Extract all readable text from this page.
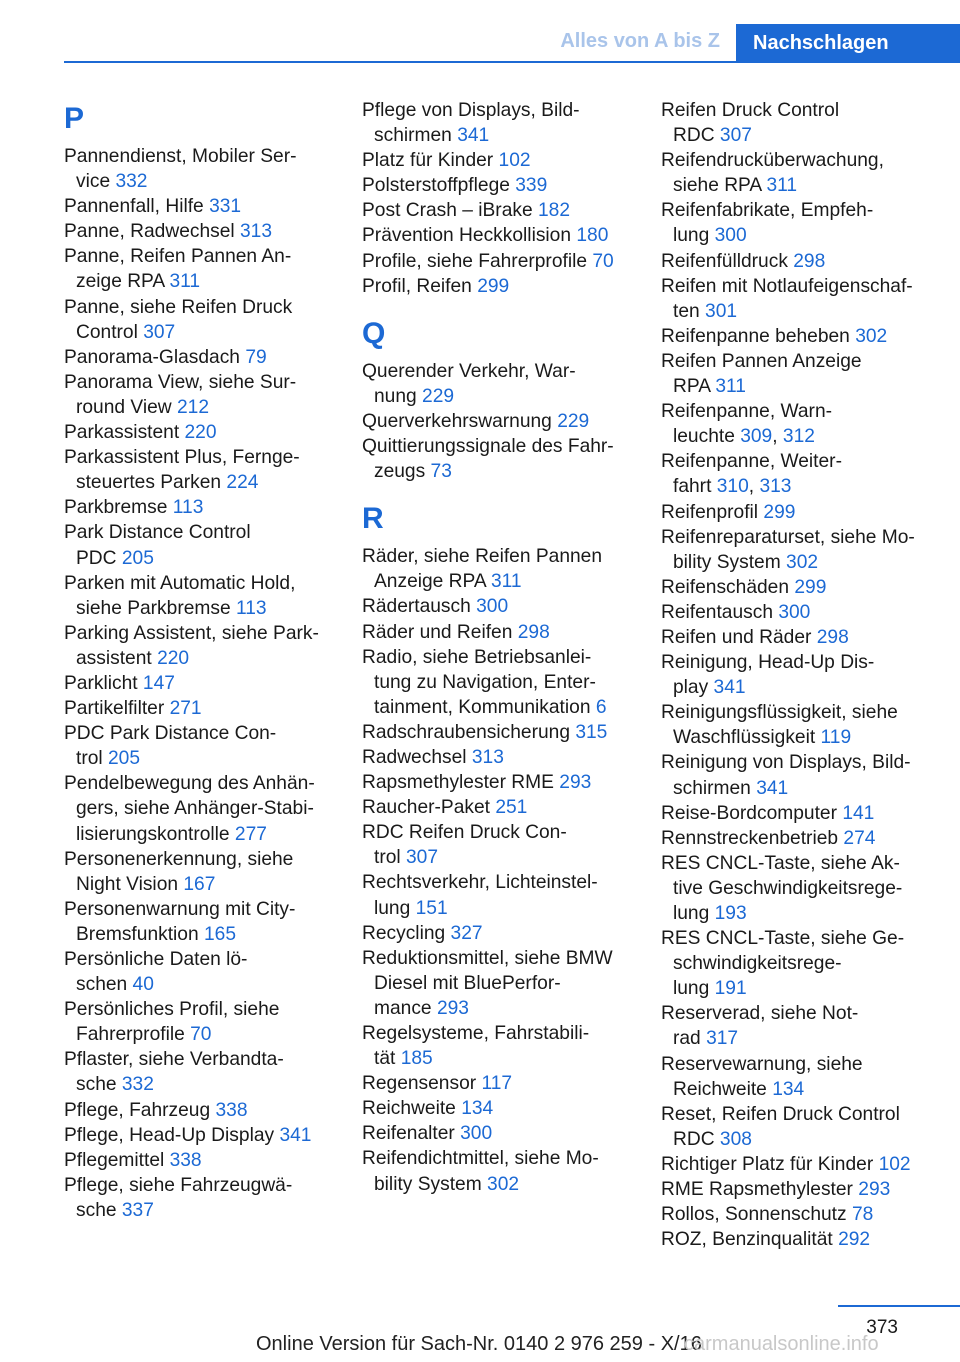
Alles von A bis Z	Nachschlagen
P
Pannendienst, Mobiler Ser-
vice 332
Pannenfall, Hilfe 331
Panne, Radwechsel 313
Panne, Reifen Pannen An-
zeige RPA 311
Panne, siehe Reifen Druck
Control 307
Panorama-Glasdach 79
Panorama View, siehe Sur-
round View 212
Parkassistent 220
Parkassistent Plus, Fernge-
steuertes Parken 224
Parkbremse 113
Park Distance Control
PDC 205
Parken mit Automatic Hold,
siehe Parkbremse 113
Parking Assistent, siehe Park-
assistent 220
Parklicht 147
Partikelfilter 271
PDC Park Distance Con-
trol 205
Pendelbewegung des Anhän-
gers, siehe Anhänger-Stabi-
lisierungskontrolle 277
Personenerkennung, siehe
Night Vision 167
Personenwarnung mit City-
Bremsfunktion 165
Persönliche Daten lö-
schen 40
Persönliches Profil, siehe
Fahrerprofile 70
Pflaster, siehe Verbandta-
sche 332
Pflege, Fahrzeug 338
Pflege, Head-Up Display 341
Pflegemittel 338
Pflege, siehe Fahrzeugwä-
sche 337
Pflege von Displays, Bild-
schirmen 341
Platz für Kinder 102
Polsterstoffpflege 339
Post Crash – iBrake 182
Prävention Heckkollision 180
Profile, siehe Fahrerprofile 70
Profil, Reifen 299
Q
Querender Verkehr, War-
nung 229
Querverkehrswarnung 229
Quittierungssignale des Fahr-
zeugs 73
R
Räder, siehe Reifen Pannen
Anzeige RPA 311
Rädertausch 300
Räder und Reifen 298
Radio, siehe Betriebsanlei-
tung zu Navigation, Enter-
tainment, Kommunikation 6
Radschraubensicherung 315
Radwechsel 313
Rapsmethylester RME 293
Raucher-Paket 251
RDC Reifen Druck Con-
trol 307
Rechtsverkehr, Lichteinstel-
lung 151
Recycling 327
Reduktionsmittel, siehe BMW
Diesel mit BluePerfor-
mance 293
Regelsysteme, Fahrstabili-
tät 185
Regensensor 117
Reichweite 134
Reifenalter 300
Reifendichtmittel, siehe Mo-
bility System 302
Reifen Druck Control
RDC 307
Reifendrucküberwachung,
siehe RPA 311
Reifenfabrikate, Empfeh-
lung 300
Reifenfülldruck 298
Reifen mit Notlaufeigenschaf-
ten 301
Reifenpanne beheben 302
Reifen Pannen Anzeige
RPA 311
Reifenpanne, Warn-
leuchte 309, 312
Reifenpanne, Weiter-
fahrt 310, 313
Reifenprofil 299
Reifenreparaturset, siehe Mo-
bility System 302
Reifenschäden 299
Reifentausch 300
Reifen und Räder 298
Reinigung, Head-Up Dis-
play 341
Reinigungsflüssigkeit, siehe
Waschflüssigkeit 119
Reinigung von Displays, Bild-
schirmen 341
Reise-Bordcomputer 141
Rennstreckenbetrieb 274
RES CNCL-Taste, siehe Ak-
tive Geschwindigkeitsrege-
lung 193
RES CNCL-Taste, siehe Ge-
schwindigkeitsrege-
lung 191
Reserverad, siehe Not-
rad 317
Reservewarnung, siehe
Reichweite 134
Reset, Reifen Druck Control
RDC 308
Richtiger Platz für Kinder 102
RME Rapsmethylester 293
Rollos, Sonnenschutz 78
ROZ, Benzinqualität 292
373
Online Version für Sach-Nr. 0140 2 976 259 - X/16
carmanualsonline.info
